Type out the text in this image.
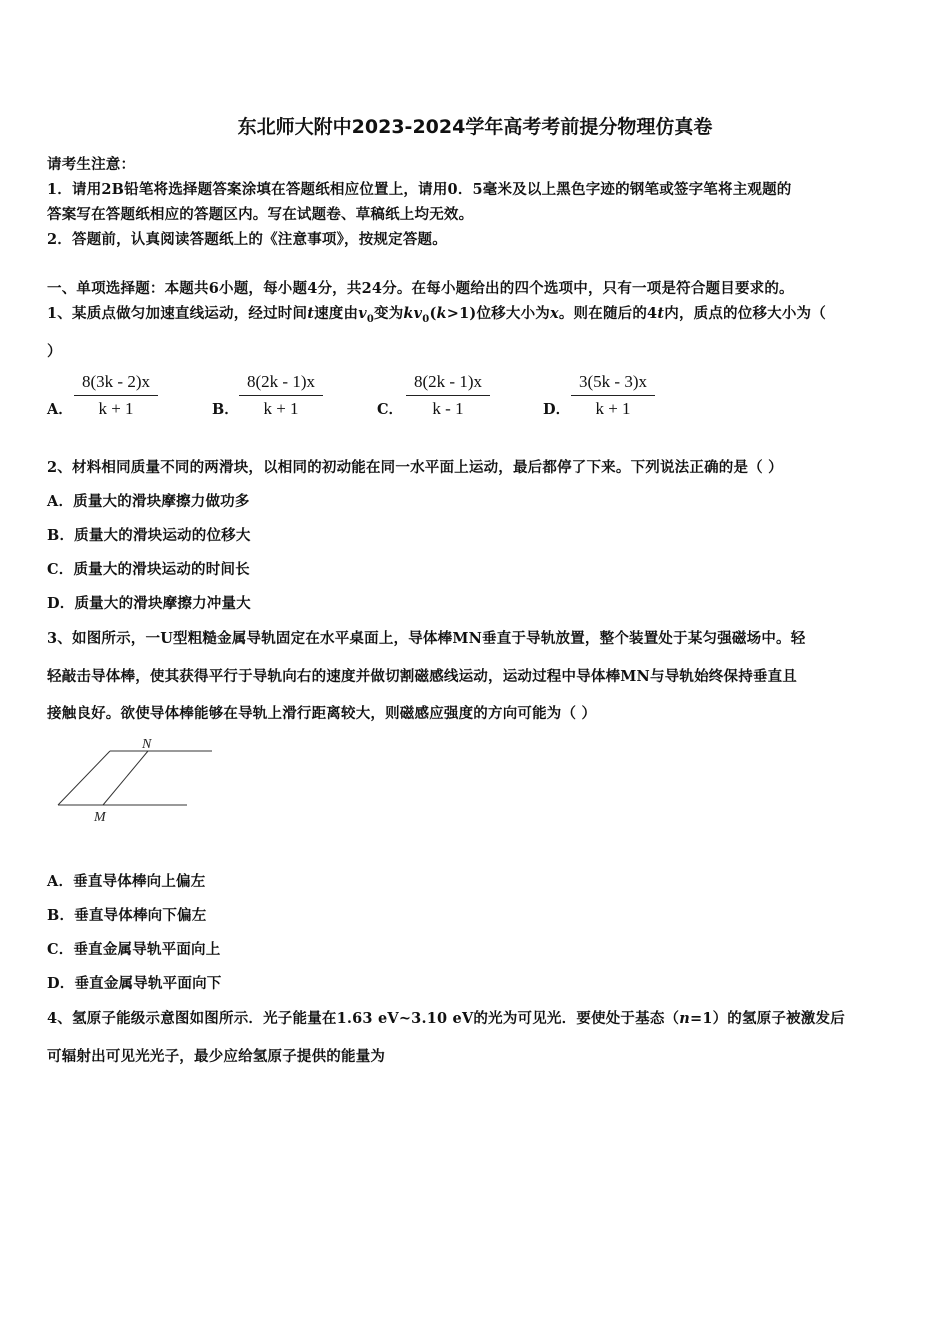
东北师大附中2023-2024学年高考考前提分物理仿真卷
请考生注意：
1．请用2B铅笔将选择题答案涂填在答题纸相应位置上，请用0．5毫米及以上黑色字迹的钢笔或签字笔将主观题的
答案写在答题纸相应的答题区内。写在试题卷、草稿纸上均无效。
2．答题前，认真阅读答题纸上的《注意事项》，按规定答题。
一、单项选择题：本题共6小题，每小题4分，共24分。在每小题给出的四个选项中，只有一项是符合题目要求的。
1、某质点做匀加速直线运动，经过时间t速度由$v_0$变为$kv_0(k>1)$位移大小为x。则在随后的4t内，质点的位移大小为（
）
A． $\frac{8(3k - 2)x}{k + 1}$	B． $\frac{8(2k - 1)x}{k + 1}$	C． $\frac{8(2k - 1)x}{k - 1}$	D． $\frac{3(5k - 3)x}{k + 1}$
2、材料相同质量不同的两滑块，以相同的初动能在同一水平面上运动，最后都停了下来。下列说法正确的是（ ）
A．质量大的滑块摩擦力做功多
B．质量大的滑块运动的位移大
C．质量大的滑块运动的时间长
D．质量大的滑块摩擦力冲量大
3、如图所示，一U型粗糙金属导轨固定在水平桌面上，导体棒MN垂直于导轨放置，整个装置处于某匀强磁场中。轻
轻敲击导体棒，使其获得平行于导轨向右的速度并做切割磁感线运动，运动过程中导体棒MN与导轨始终保持垂直且
接触良好。欲使导体棒能够在导轨上滑行距离较大，则磁感应强度的方向可能为（ ）
N
M
A．垂直导体棒向上偏左
B．垂直导体棒向下偏左
C．垂直金属导轨平面向上
D．垂直金属导轨平面向下
4、氢原子能级示意图如图所示．光子能量在1.63 eV~3.10 eV的光为可见光．要使处于基态（n=1）的氢原子被激发后
可辐射出可见光光子，最少应给氢原子提供的能量为
